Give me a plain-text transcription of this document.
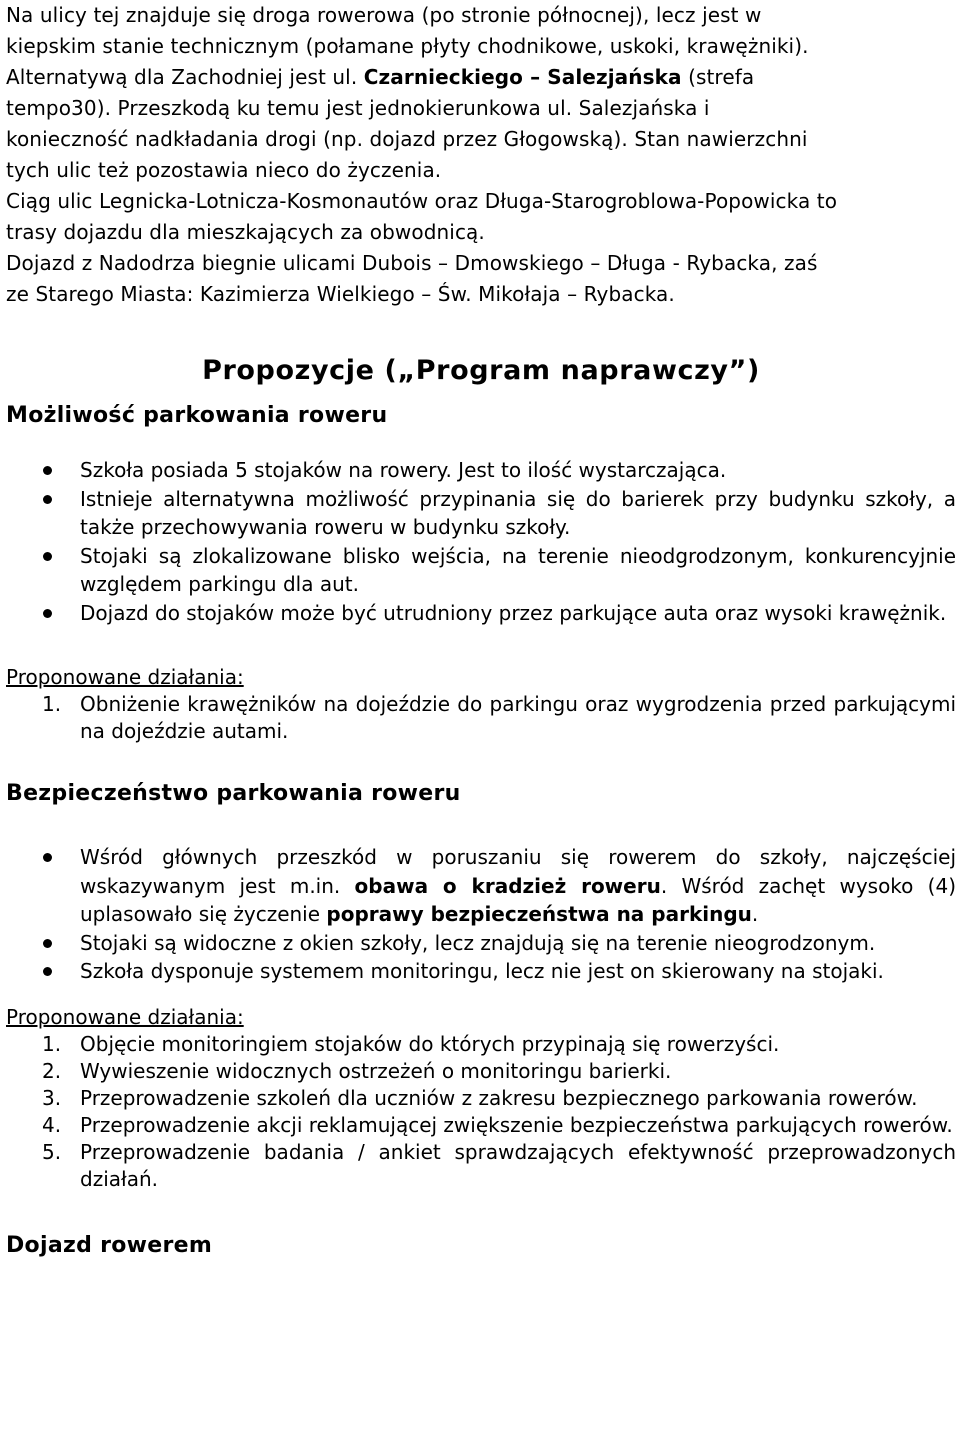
Na ulicy tej znajduje się droga rowerowa (po stronie północnej), lecz jest w
kiepskim stanie technicznym (połamane płyty chodnikowe, uskoki, krawężniki).
Alternatywą dla Zachodniej jest ul. Czarnieckiego – Salezjańska (strefa
tempo30). Przeszkodą ku temu jest jednokierunkowa ul. Salezjańska i
konieczność nadkładania drogi (np. dojazd przez Głogowską). Stan nawierzchni
tych ulic też pozostawia nieco do życzenia.

Ciąg ulic Legnicka-Lotnicza-Kosmonautów oraz Długa-Starogroblowa-Popowicka to
trasy dojazdu dla mieszkających za obwodnicą.

Dojazd z Nadodrza biegnie ulicami Dubois – Dmowskiego – Długa - Rybacka, zaś
ze Starego Miasta: Kazimierza Wielkiego – Św. Mikołaja – Rybacka.

Propozycje („Program naprawczy”)
Możliwość parkowania roweru
Szkoła posiada 5 stojaków na rowery. Jest to ilość wystarczająca.
Istnieje alternatywna możliwość przypinania się do barierek przy budynku szkoły, a także przechowywania roweru w budynku szkoły.
Stojaki są zlokalizowane blisko wejścia, na terenie nieodgrodzonym, konkurencyjnie względem parkingu dla aut.
Dojazd do stojaków może być utrudniony przez parkujące auta oraz wysoki krawężnik.
Proponowane działania:
1. Obniżenie krawężników na dojeździe do parkingu oraz wygrodzenia przed parkującymi na dojeździe autami.
Bezpieczeństwo parkowania roweru
Wśród głównych przeszkód w poruszaniu się rowerem do szkoły, najczęściej wskazywanym jest m.in. obawa o kradzież roweru. Wśród zachęt wysoko (4) uplasowało się życzenie poprawy bezpieczeństwa na parkingu.
Stojaki są widoczne z okien szkoły, lecz znajdują się na terenie nieogrodzonym.
Szkoła dysponuje systemem monitoringu, lecz nie jest on skierowany na stojaki.
Proponowane działania:
1. Objęcie monitoringiem stojaków do których przypinają się rowerzyści.
2. Wywieszenie widocznych ostrzeżeń o monitoringu barierki.
3. Przeprowadzenie szkoleń dla uczniów z zakresu bezpiecznego parkowania rowerów.
4. Przeprowadzenie akcji reklamującej zwiększenie bezpieczeństwa parkujących rowerów.
5. Przeprowadzenie badania / ankiet sprawdzających efektywność przeprowadzonych działań.
Dojazd rowerem
